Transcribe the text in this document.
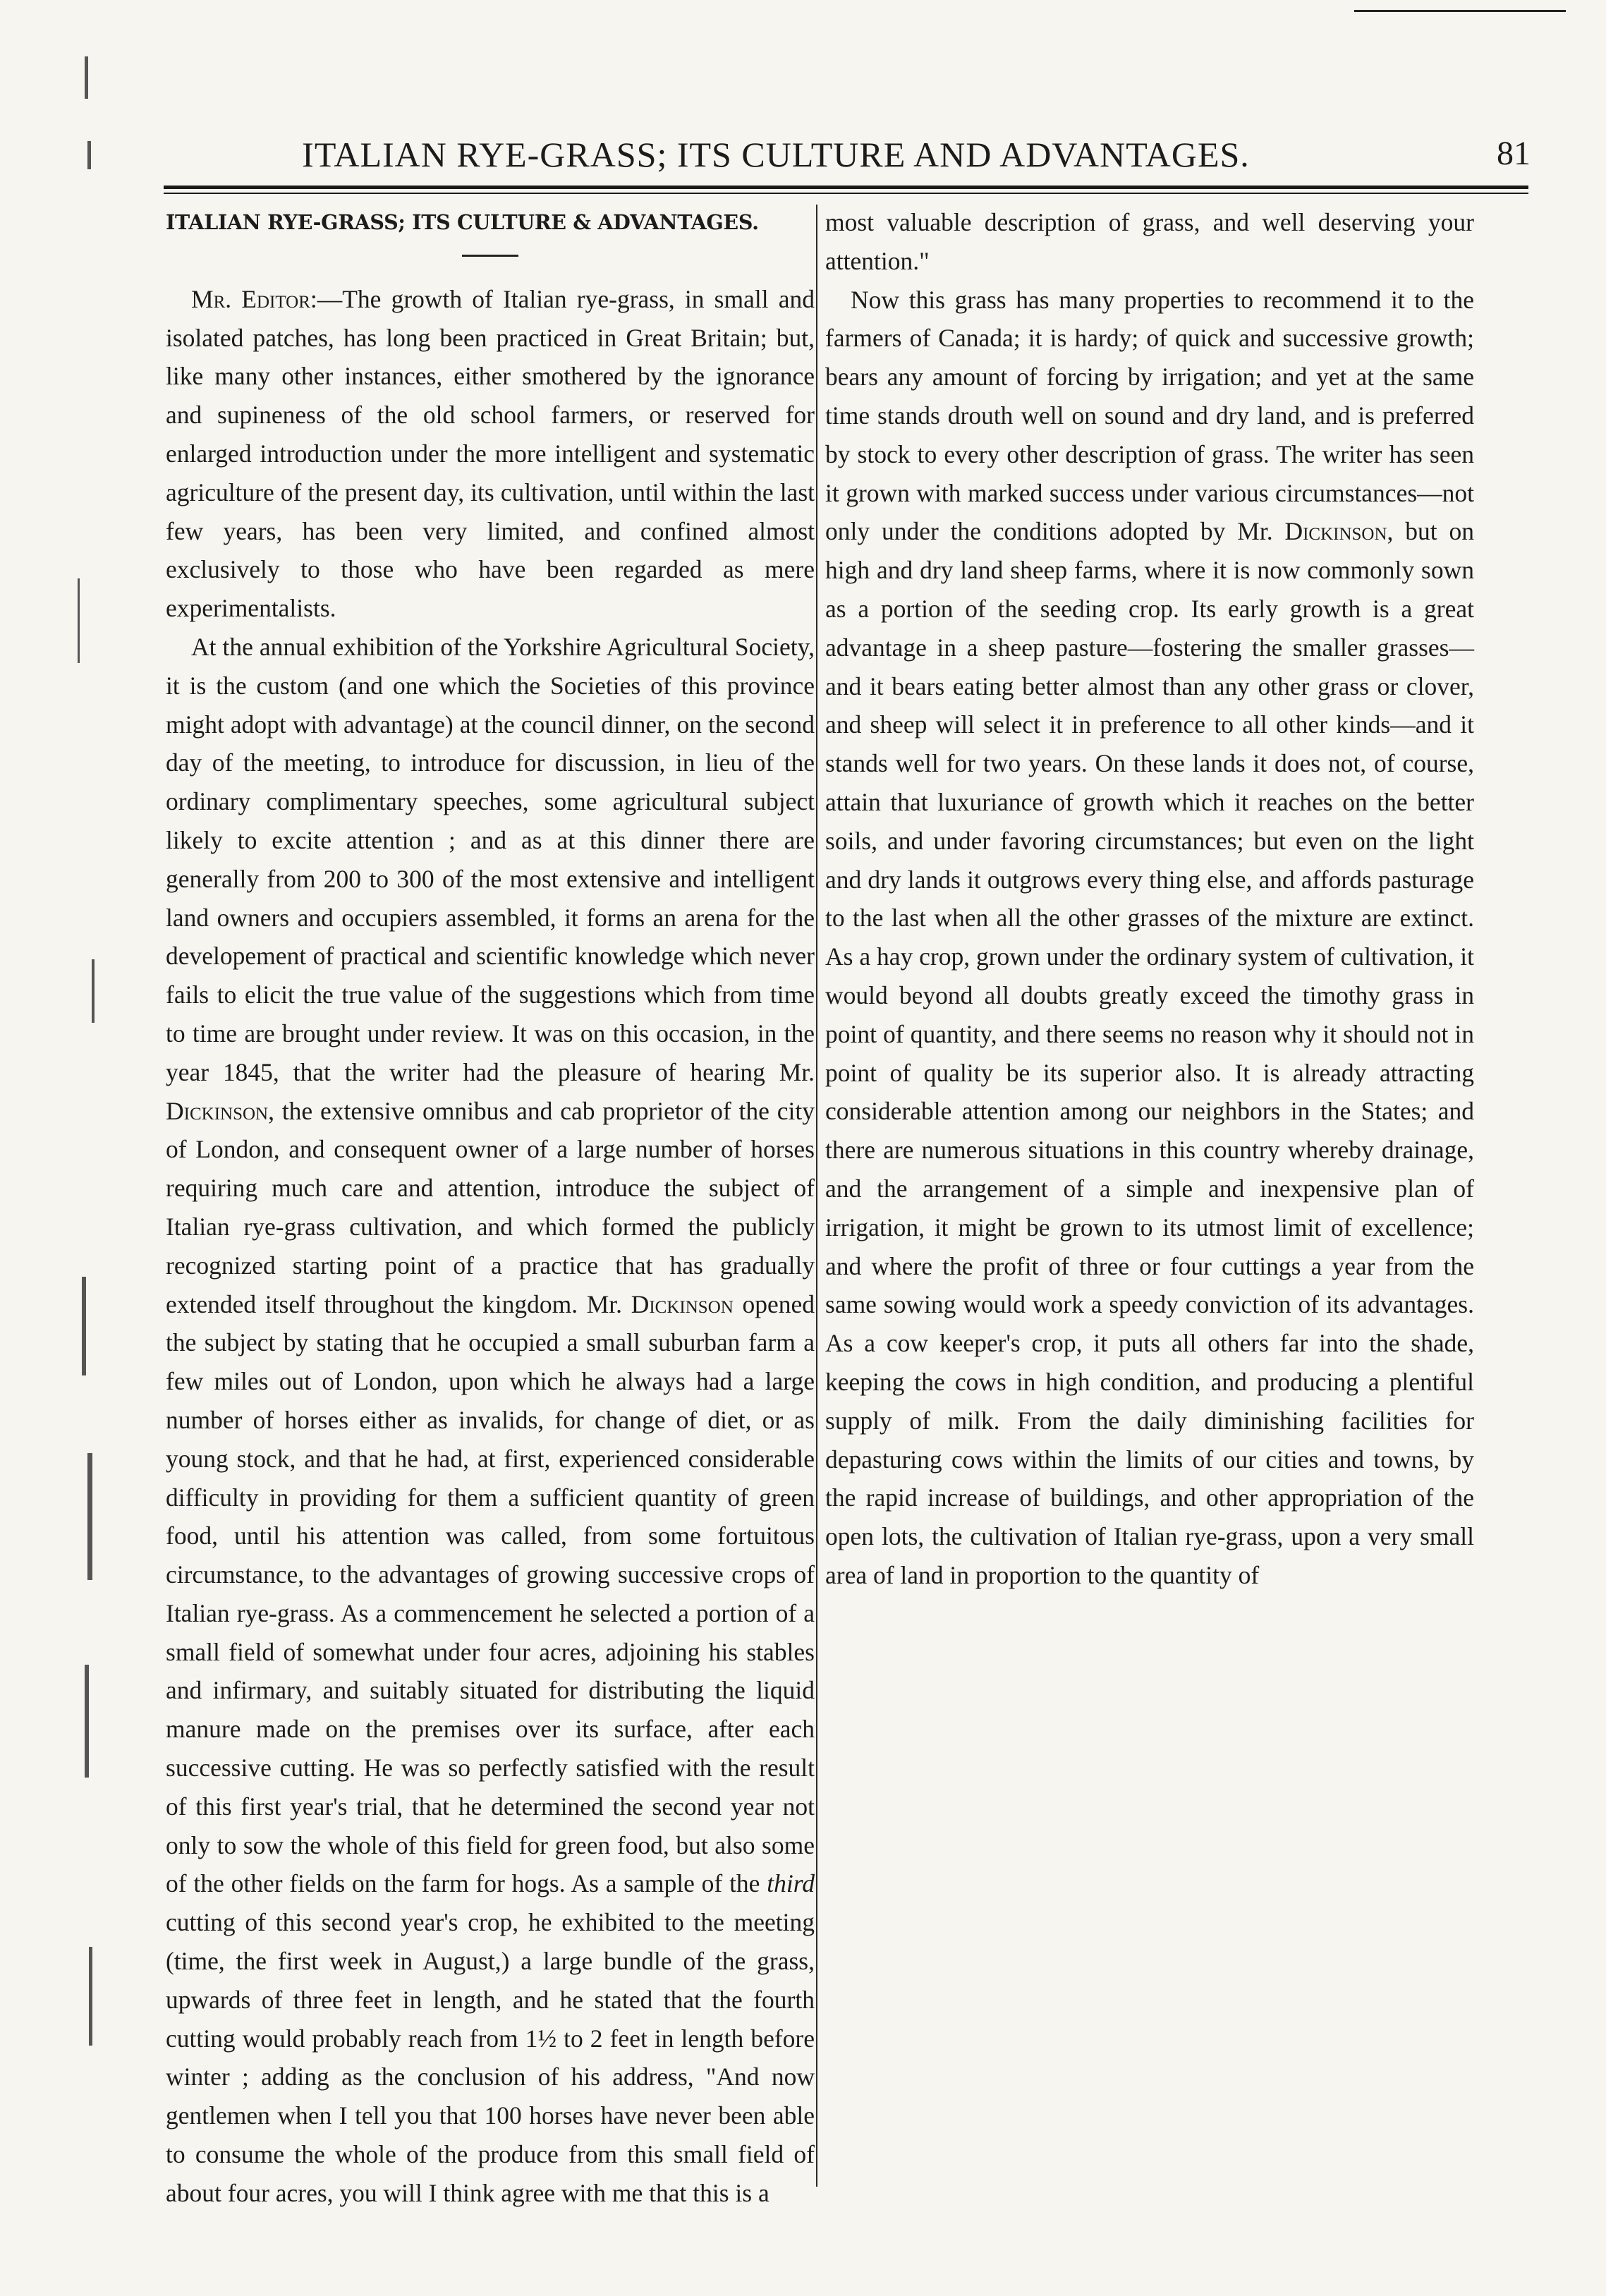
ITALIAN RYE-GRASS; ITS CULTURE AND ADVANTAGES.	81
ITALIAN RYE-GRASS; ITS CULTURE & ADVANTAGES.

Mr. Editor:—The growth of Italian rye-grass, in small and isolated patches, has long been practiced in Great Britain; but, like many other instances, either smothered by the ignorance and supineness of the old school farmers, or reserved for enlarged introduction under the more intelligent and systematic agriculture of the present day, its cultivation, until within the last few years, has been very limited, and confined almost exclusively to those who have been regarded as mere experimentalists.

At the annual exhibition of the Yorkshire Agricultural Society, it is the custom (and one which the Societies of this province might adopt with advantage) at the council dinner, on the second day of the meeting, to introduce for discussion, in lieu of the ordinary complimentary speeches, some agricultural subject likely to excite attention ; and as at this dinner there are generally from 200 to 300 of the most extensive and intelligent land owners and occupiers assembled, it forms an arena for the developement of practical and scientific knowledge which never fails to elicit the true value of the suggestions which from time to time are brought under review. It was on this occasion, in the year 1845, that the writer had the pleasure of hearing Mr. Dickinson, the extensive omnibus and cab proprietor of the city of London, and consequent owner of a large number of horses requiring much care and attention, introduce the subject of Italian rye-grass cultivation, and which formed the publicly recognized starting point of a practice that has gradually extended itself throughout the kingdom. Mr. Dickinson opened the subject by stating that he occupied a small suburban farm a few miles out of London, upon which he always had a large number of horses either as invalids, for change of diet, or as young stock, and that he had, at first, experienced considerable difficulty in providing for them a sufficient quantity of green food, until his attention was called, from some fortuitous circumstance, to the advantages of growing successive crops of Italian rye-grass. As a commencement he selected a portion of a small field of somewhat under four acres, adjoining his stables and infirmary, and suitably situated for distributing the liquid manure made on the premises over its surface, after each successive cutting. He was so perfectly satisfied with the result of this first year's trial, that he determined the second year not only to sow the whole of this field for green food, but also some of the other fields on the farm for hogs. As a sample of the third cutting of this second year's crop, he exhibited to the meeting (time, the first week in August,) a large bundle of the grass, upwards of three feet in length, and he stated that the fourth cutting would probably reach from 1½ to 2 feet in length before winter ; adding as the conclusion of his address, "And now gentlemen when I tell you that 100 horses have never been able to consume the whole of the produce from this small field of about four acres, you will I think agree with me that this is a

most valuable description of grass, and well deserving your attention."

Now this grass has many properties to recommend it to the farmers of Canada; it is hardy; of quick and successive growth; bears any amount of forcing by irrigation; and yet at the same time stands drouth well on sound and dry land, and is preferred by stock to every other description of grass. The writer has seen it grown with marked success under various circumstances—not only under the conditions adopted by Mr. Dickinson, but on high and dry land sheep farms, where it is now commonly sown as a portion of the seeding crop. Its early growth is a great advantage in a sheep pasture—fostering the smaller grasses—and it bears eating better almost than any other grass or clover, and sheep will select it in preference to all other kinds—and it stands well for two years. On these lands it does not, of course, attain that luxuriance of growth which it reaches on the better soils, and under favoring circumstances; but even on the light and dry lands it outgrows every thing else, and affords pasturage to the last when all the other grasses of the mixture are extinct. As a hay crop, grown under the ordinary system of cultivation, it would beyond all doubts greatly exceed the timothy grass in point of quantity, and there seems no reason why it should not in point of quality be its superior also. It is already attracting considerable attention among our neighbors in the States; and there are numerous situations in this country whereby drainage, and the arrangement of a simple and inexpensive plan of irrigation, it might be grown to its utmost limit of excellence; and where the profit of three or four cuttings a year from the same sowing would work a speedy conviction of its advantages. As a cow keeper's crop, it puts all others far into the shade, keeping the cows in high condition, and producing a plentiful supply of milk. From the daily diminishing facilities for depasturing cows within the limits of our cities and towns, by the rapid increase of buildings, and other appropriation of the open lots, the cultivation of Italian rye-grass, upon a very small area of land in proportion to the quantity of
